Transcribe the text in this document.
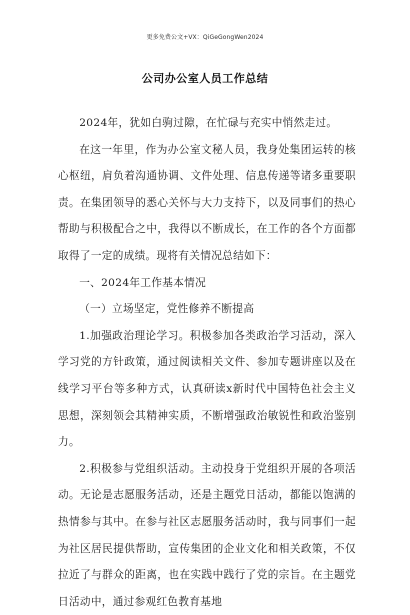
更多免费公文+VX：QiGeGongWen2024
公司办公室人员工作总结

2024年，犹如白驹过隙，在忙碌与充实中悄然走过。

在这一年里，作为办公室文秘人员，我身处集团运转的核心枢纽，肩负着沟通协调、文件处理、信息传递等诸多重要职责。在集团领导的悉心关怀与大力支持下，以及同事们的热心帮助与积极配合之中，我得以不断成长，在工作的各个方面都取得了一定的成绩。现将有关情况总结如下：

一、2024年工作基本情况

（一）立场坚定，党性修养不断提高

1.加强政治理论学习。积极参加各类政治学习活动，深入学习党的方针政策，通过阅读相关文件、参加专题讲座以及在线学习平台等多种方式，认真研读x新时代中国特色社会主义思想，深刻领会其精神实质，不断增强政治敏锐性和政治鉴别力。

2.积极参与党组织活动。主动投身于党组织开展的各项活动。无论是志愿服务活动，还是主题党日活动，都能以饱满的热情参与其中。在参与社区志愿服务活动时，我与同事们一起为社区居民提供帮助，宣传集团的企业文化和相关政策，不仅拉近了与群众的距离，也在实践中践行了党的宗旨。在主题党日活动中，通过参观红色教育基地
